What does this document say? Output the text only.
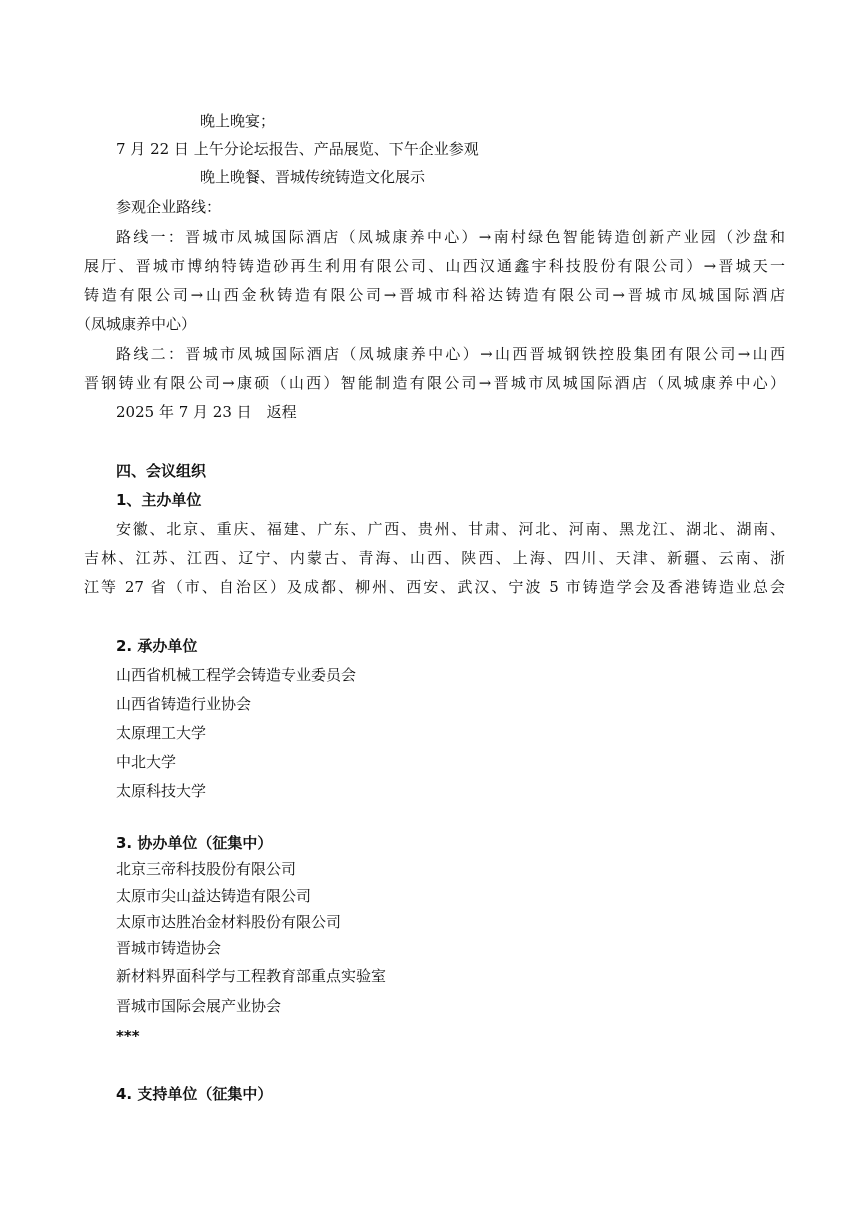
晚上晚宴；
7 月 22 日 上午分论坛报告、产品展览、下午企业参观
晚上晚餐、晋城传统铸造文化展示
参观企业路线：
路线一：晋城市凤城国际酒店（凤城康养中心）→南村绿色智能铸造创新产业园（沙盘和
展厅、晋城市博纳特铸造砂再生利用有限公司、山西汉通鑫宇科技股份有限公司）→晋城天一
铸造有限公司→山西金秋铸造有限公司→晋城市科裕达铸造有限公司→晋城市凤城国际酒店
（凤城康养中心）
路线二：晋城市凤城国际酒店（凤城康养中心）→山西晋城钢铁控股集团有限公司→山西
晋钢铸业有限公司→康硕（山西）智能制造有限公司→晋城市凤城国际酒店（凤城康养中心）
2025 年 7 月 23 日　返程
四、会议组织
1、主办单位
安徽、北京、重庆、福建、广东、广西、贵州、甘肃、河北、河南、黑龙江、湖北、湖南、
吉林、江苏、江西、辽宁、内蒙古、青海、山西、陕西、上海、四川、天津、新疆、云南、浙
江等 27 省（市、自治区）及成都、柳州、西安、武汉、宁波 5 市铸造学会及香港铸造业总会
2. 承办单位
山西省机械工程学会铸造专业委员会
山西省铸造行业协会
太原理工大学
中北大学
太原科技大学
3. 协办单位（征集中）
北京三帝科技股份有限公司
太原市尖山益达铸造有限公司
太原市达胜冶金材料股份有限公司
晋城市铸造协会
新材料界面科学与工程教育部重点实验室
晋城市国际会展产业协会
***
4. 支持单位（征集中）
